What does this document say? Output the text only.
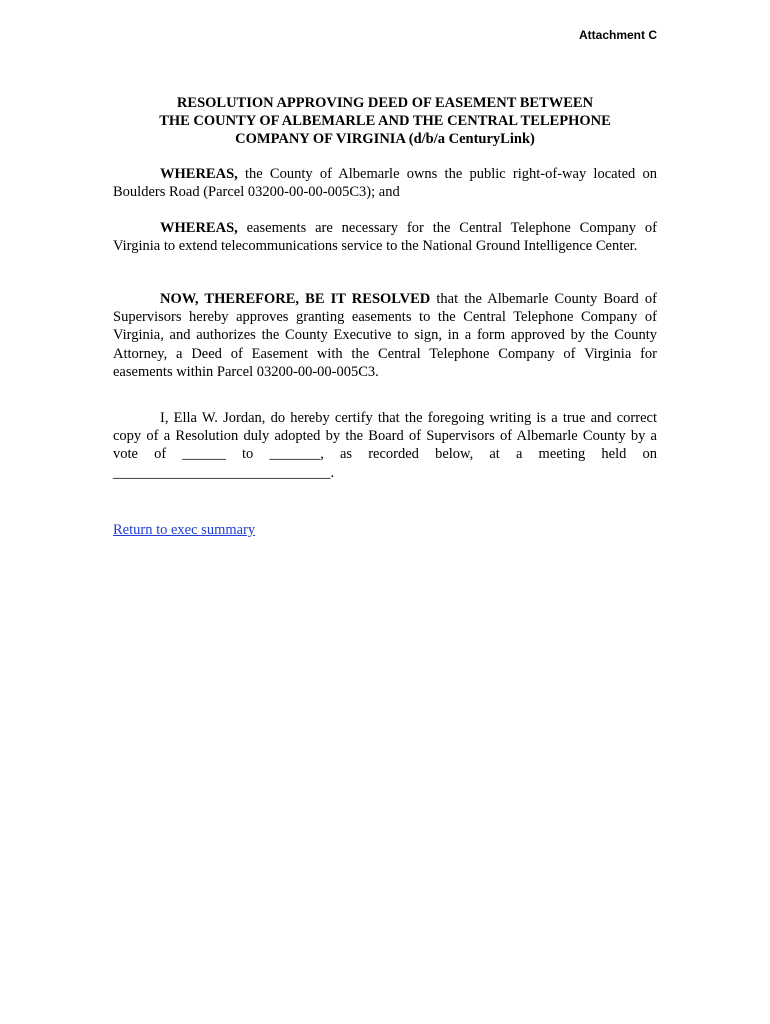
Attachment C
RESOLUTION APPROVING DEED OF EASEMENT BETWEEN
THE COUNTY OF ALBEMARLE AND THE CENTRAL TELEPHONE
COMPANY OF VIRGINIA (d/b/a CenturyLink)
WHEREAS, the County of Albemarle owns the public right-of-way located on Boulders Road (Parcel 03200-00-00-005C3); and
WHEREAS, easements are necessary for the Central Telephone Company of Virginia to extend telecommunications service to the National Ground Intelligence Center.
NOW, THEREFORE, BE IT RESOLVED that the Albemarle County Board of Supervisors hereby approves granting easements to the Central Telephone Company of Virginia, and authorizes the County Executive to sign, in a form approved by the County Attorney, a Deed of Easement with the Central Telephone Company of Virginia for easements within Parcel 03200-00-00-005C3.
I, Ella W. Jordan, do hereby certify that the foregoing writing is a true and correct copy of a Resolution duly adopted by the Board of Supervisors of Albemarle County by a vote of ______ to _______, as recorded below, at a meeting held on ______________________________.
Return to exec summary
